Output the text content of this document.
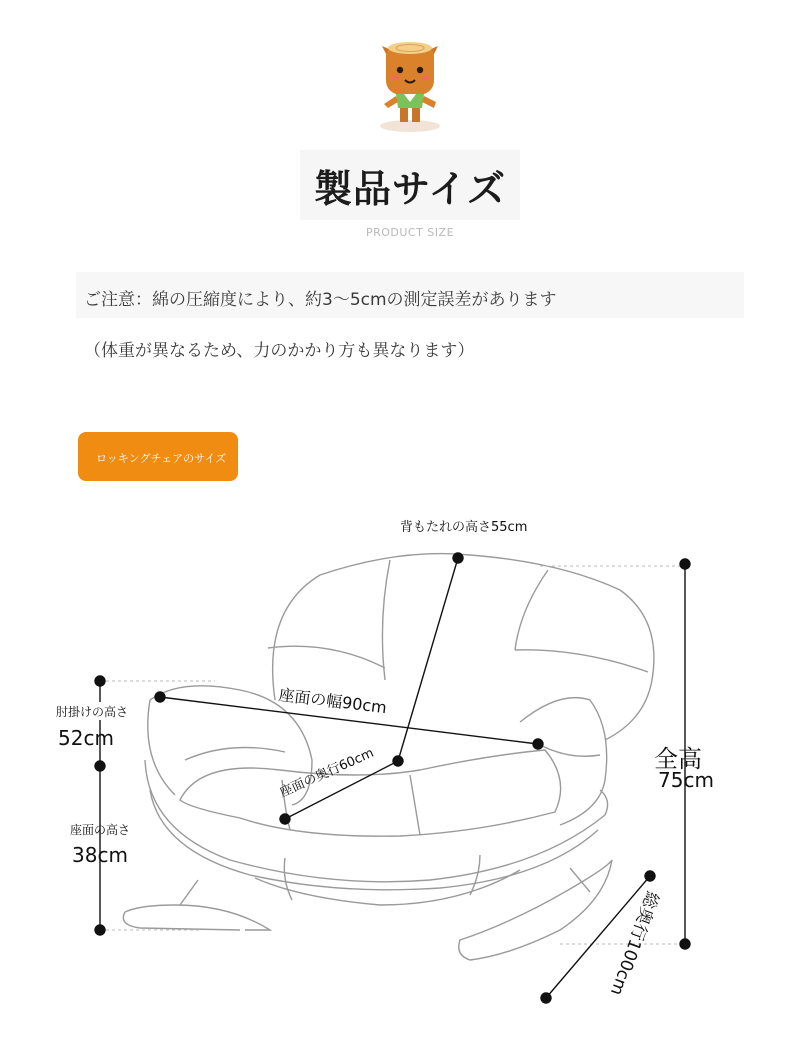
製品サイズ
PRODUCT SIZE
ご注意：綿の圧縮度により、約3〜5cmの測定誤差があります
（体重が異なるため、力のかかり方も異なります）
ロッキングチェアのサイズ
背もたれの高さ55cm
座面の幅90cm
座面の奥行60cm
肘掛けの高さ
52cm
座面の高さ
38cm
全高
75cm
総奥行100cm
